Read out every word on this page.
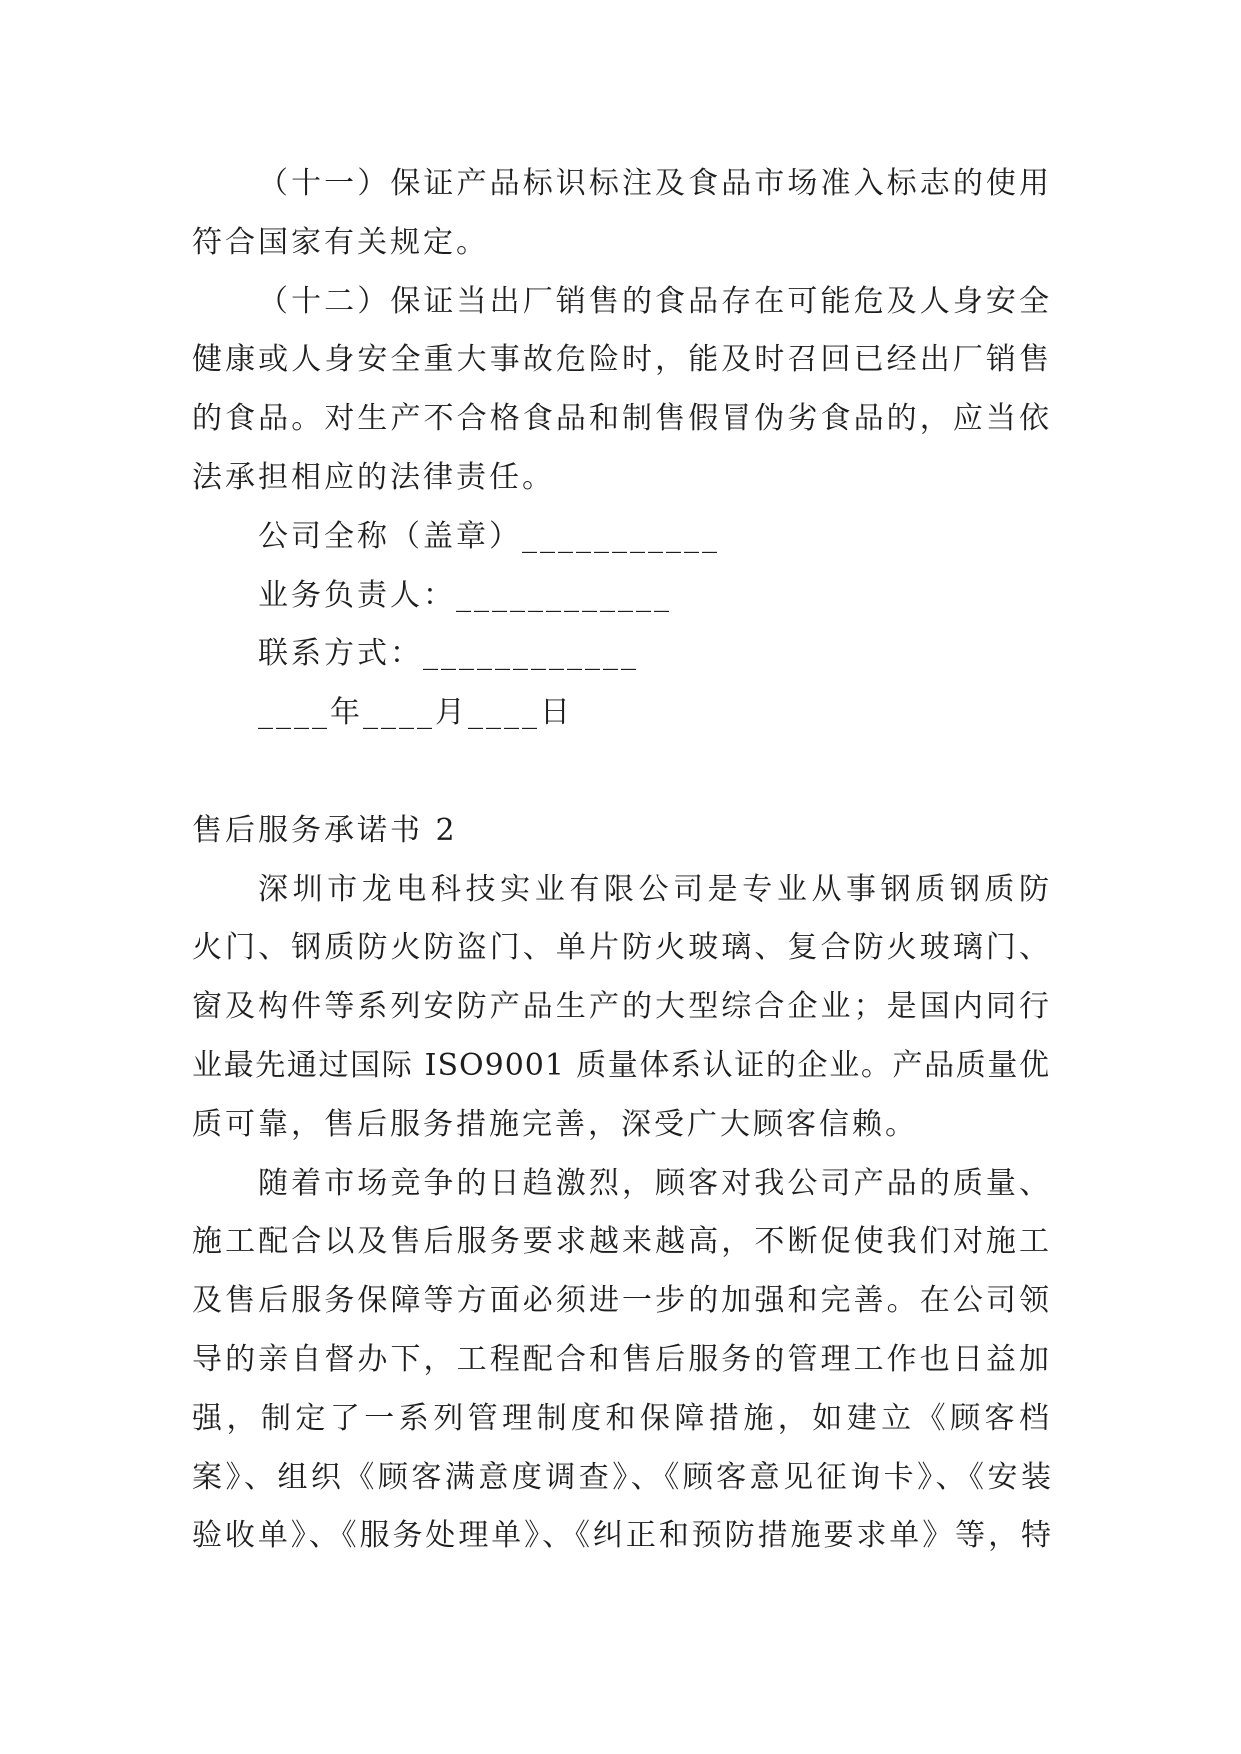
（十一）保证产品标识标注及食品市场准入标志的使用
符合国家有关规定。
（十二）保证当出厂销售的食品存在可能危及人身安全
健康或人身安全重大事故危险时，能及时召回已经出厂销售
的食品。对生产不合格食品和制售假冒伪劣食品的，应当依
法承担相应的法律责任。
公司全称（盖章）___________
业务负责人：____________
联系方式：____________
____年____月____日
售后服务承诺书 2
深圳市龙电科技实业有限公司是专业从事钢质钢质防
火门、钢质防火防盗门、单片防火玻璃、复合防火玻璃门、
窗及构件等系列安防产品生产的大型综合企业；是国内同行
业最先通过国际 ISO9001 质量体系认证的企业。产品质量优
质可靠，售后服务措施完善，深受广大顾客信赖。
随着市场竞争的日趋激烈，顾客对我公司产品的质量、
施工配合以及售后服务要求越来越高，不断促使我们对施工
及售后服务保障等方面必须进一步的加强和完善。在公司领
导的亲自督办下，工程配合和售后服务的管理工作也日益加
强，制定了一系列管理制度和保障措施，如建立《顾客档
案》、组织《顾客满意度调查》、《顾客意见征询卡》、《安装
验收单》、《服务处理单》、《纠正和预防措施要求单》等，特
